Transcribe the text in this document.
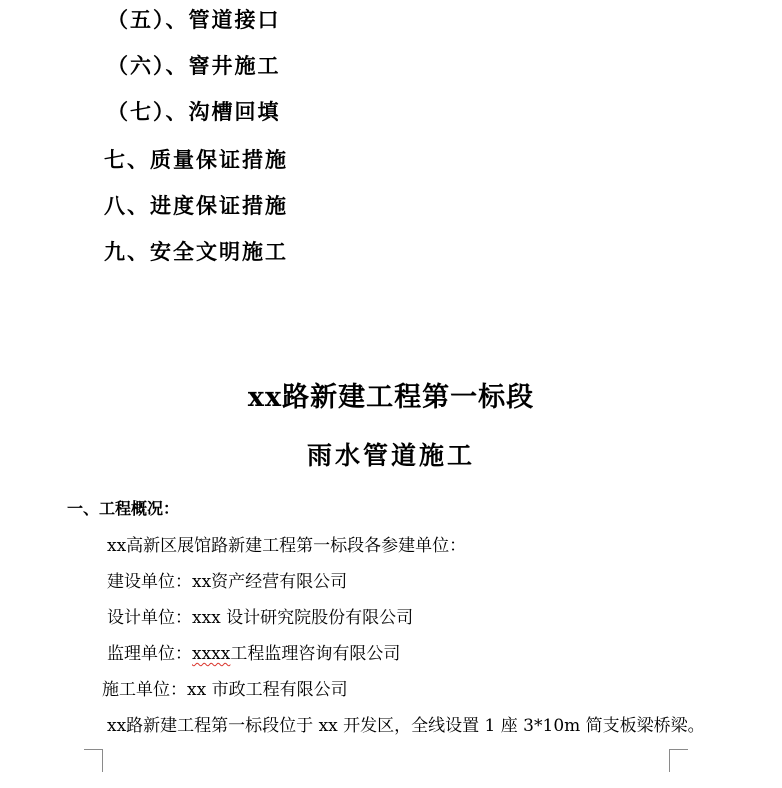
（五）、管道接口
（六）、窨井施工
（七）、沟槽回填
七、质量保证措施
八、进度保证措施
九、安全文明施工
xx路新建工程第一标段
雨水管道施工
一、工程概况：
xx高新区展馆路新建工程第一标段各参建单位：
建设单位：xx资产经营有限公司
设计单位：xxx 设计研究院股份有限公司
监理单位：xxxx工程监理咨询有限公司
施工单位：xx 市政工程有限公司
xx路新建工程第一标段位于 xx 开发区，全线设置 1 座 3*10m 简支板梁桥梁。
